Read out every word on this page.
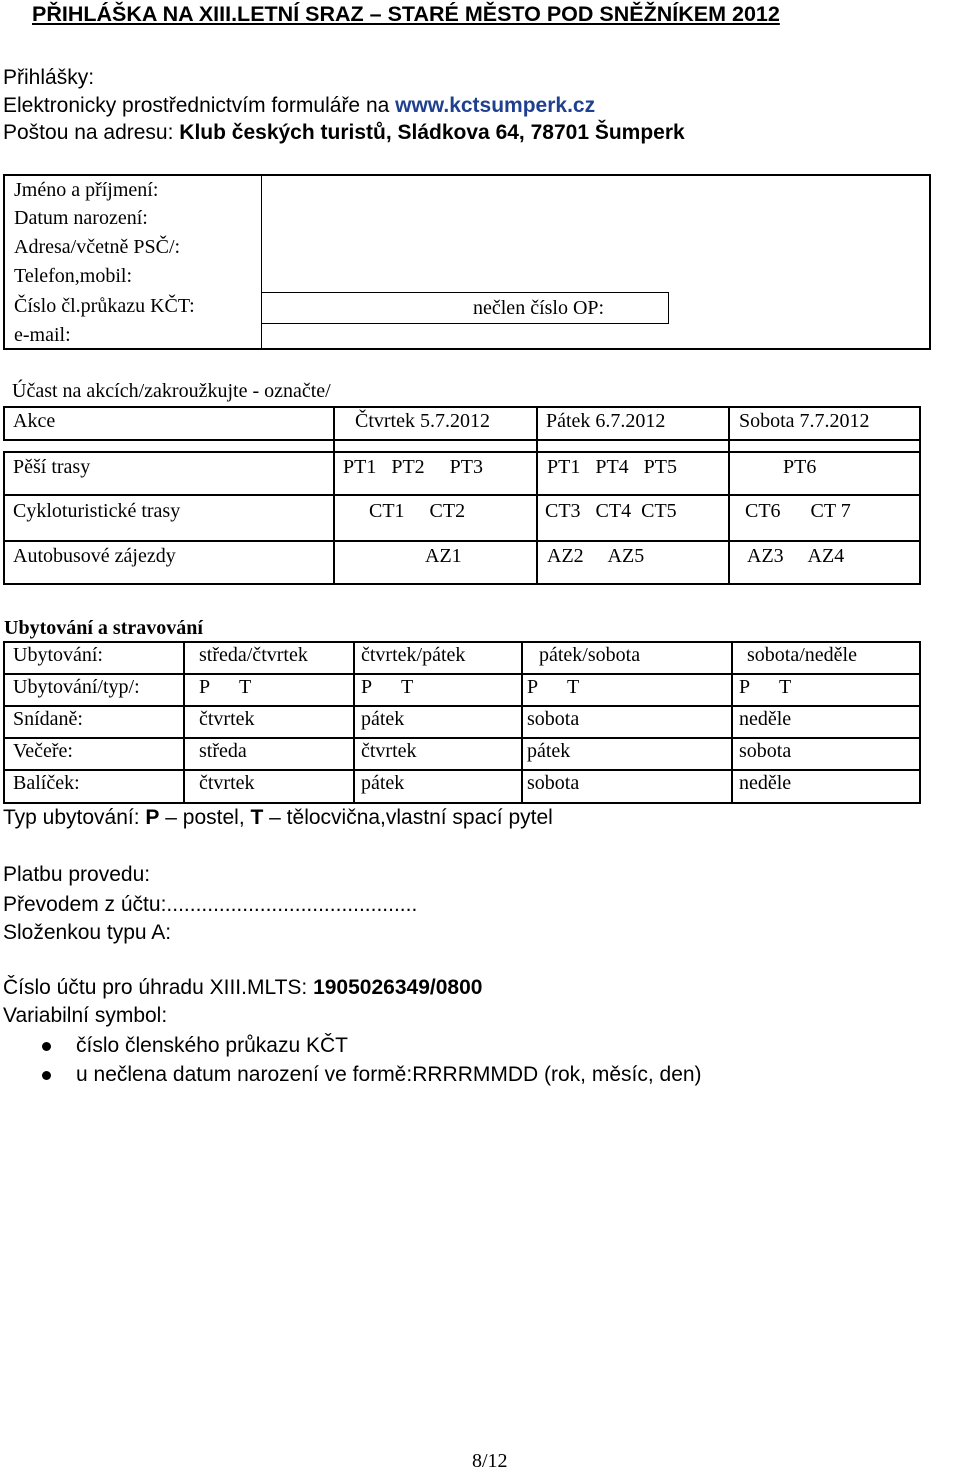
PŘIHLÁŠKA NA XIII.LETNÍ SRAZ – STARÉ MĚSTO POD SNĚŽNÍKEM 2012
Přihlášky:
Elektronicky prostřednictvím formuláře na www.kctsumperk.cz
Poštou na adresu: Klub českých turistů, Sládkova 64, 78701 Šumperk
Jméno a příjmení:
Datum narození:
Adresa/včetně PSČ/:
Telefon,mobil:
Číslo čl.průkazu KČT:
e-mail:
nečlen číslo OP:
Účast na akcích/zakroužkujte - označte/
Akce	Čtvrtek 5.7.2012	Pátek 6.7.2012	Sobota 7.7.2012
Pěší trasy	PT1   PT2     PT3	PT1   PT4   PT5	PT6
Cykloturistické trasy	CT1     CT2	CT3   CT4  CT5	CT6      CT 7
Autobusové zájezdy	AZ1	AZ2     AZ5	AZ3     AZ4
Ubytování a stravování
Ubytování:	středa/čtvrtek	čtvrtek/pátek	pátek/sobota	sobota/neděle
Ubytování/typ/:	P      T	P      T	P      T	P      T
Snídaně:	čtvrtek	pátek	sobota	neděle
Večeře:	středa	čtvrtek	pátek	sobota
Balíček:	čtvrtek	pátek	sobota	neděle
Typ ubytování: P – postel, T – tělocvična,vlastní spací pytel
Platbu provedu:
Převodem z účtu:...........................................
Složenkou typu A:
Číslo účtu pro úhradu XIII.MLTS: 1905026349/0800
Variabilní symbol:
číslo členského průkazu KČT
u nečlena datum narození ve formě:RRRRMMDD (rok, měsíc, den)
8/12
